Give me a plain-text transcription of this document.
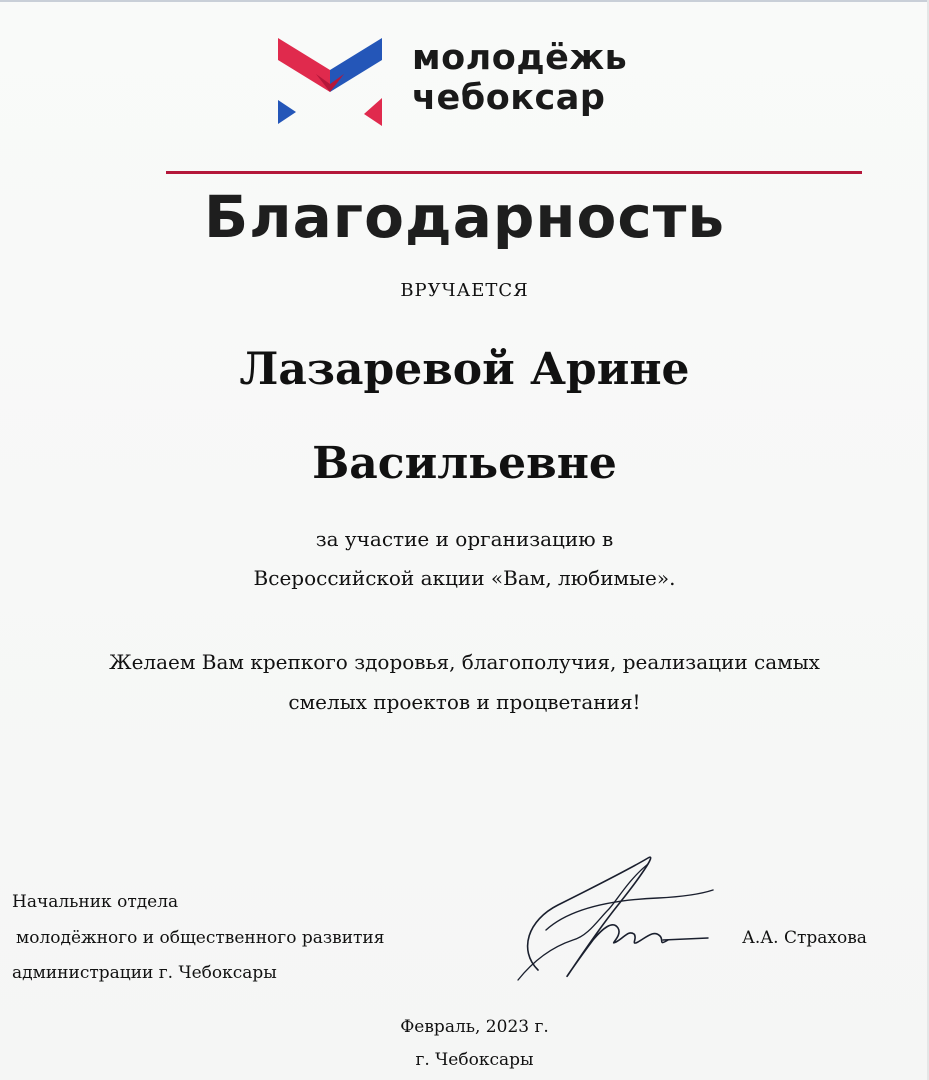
молодёжь
чебоксар
Благодарность
ВРУЧАЕТСЯ
Лазаревой Арине
Васильевне
за участие и организацию в
Всероссийской акции «Вам, любимые».
Желаем Вам крепкого здоровья, благополучия, реализации самых
смелых проектов и процветания!
Начальник отдела
молодёжного и общественного развития
администрации г. Чебоксары
А.А. Страхова
Февраль, 2023 г.
г. Чебоксары
